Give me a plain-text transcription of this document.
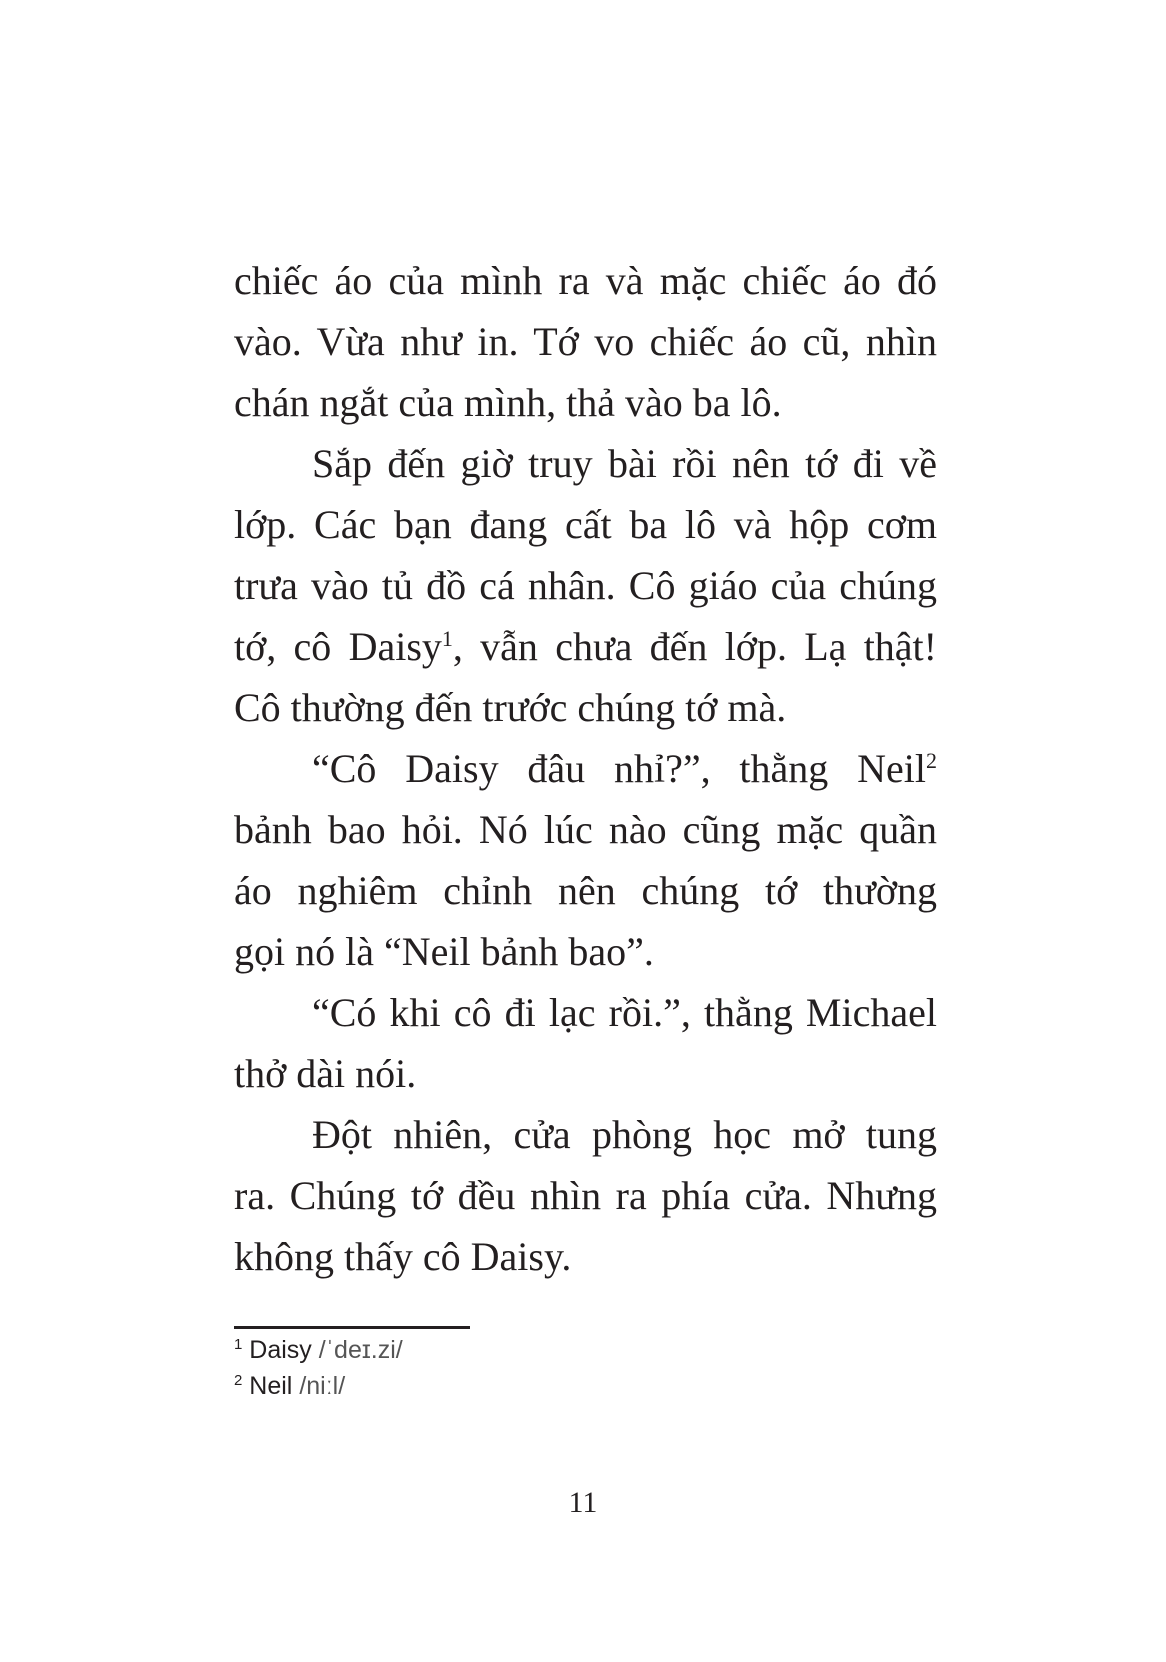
chiếc áo của mình ra và mặc chiếc áo đó
vào. Vừa như in. Tớ vo chiếc áo cũ, nhìn
chán ngắt của mình, thả vào ba lô.
Sắp đến giờ truy bài rồi nên tớ đi về
lớp. Các bạn đang cất ba lô và hộp cơm
trưa vào tủ đồ cá nhân. Cô giáo của chúng
tớ, cô Daisy$^1$, vẫn chưa đến lớp. Lạ thật!
Cô thường đến trước chúng tớ mà.
“Cô Daisy đâu nhỉ?”, thằng Neil$^2$
bảnh bao hỏi. Nó lúc nào cũng mặc quần
áo nghiêm chỉnh nên chúng tớ thường
gọi nó là “Neil bảnh bao”.
“Có khi cô đi lạc rồi.”, thằng Michael
thở dài nói.
Đột nhiên, cửa phòng học mở tung
ra. Chúng tớ đều nhìn ra phía cửa. Nhưng
không thấy cô Daisy.
$^1$ Daisy /ˈdeɪ.zi/
$^2$ Neil /niːl/
11
